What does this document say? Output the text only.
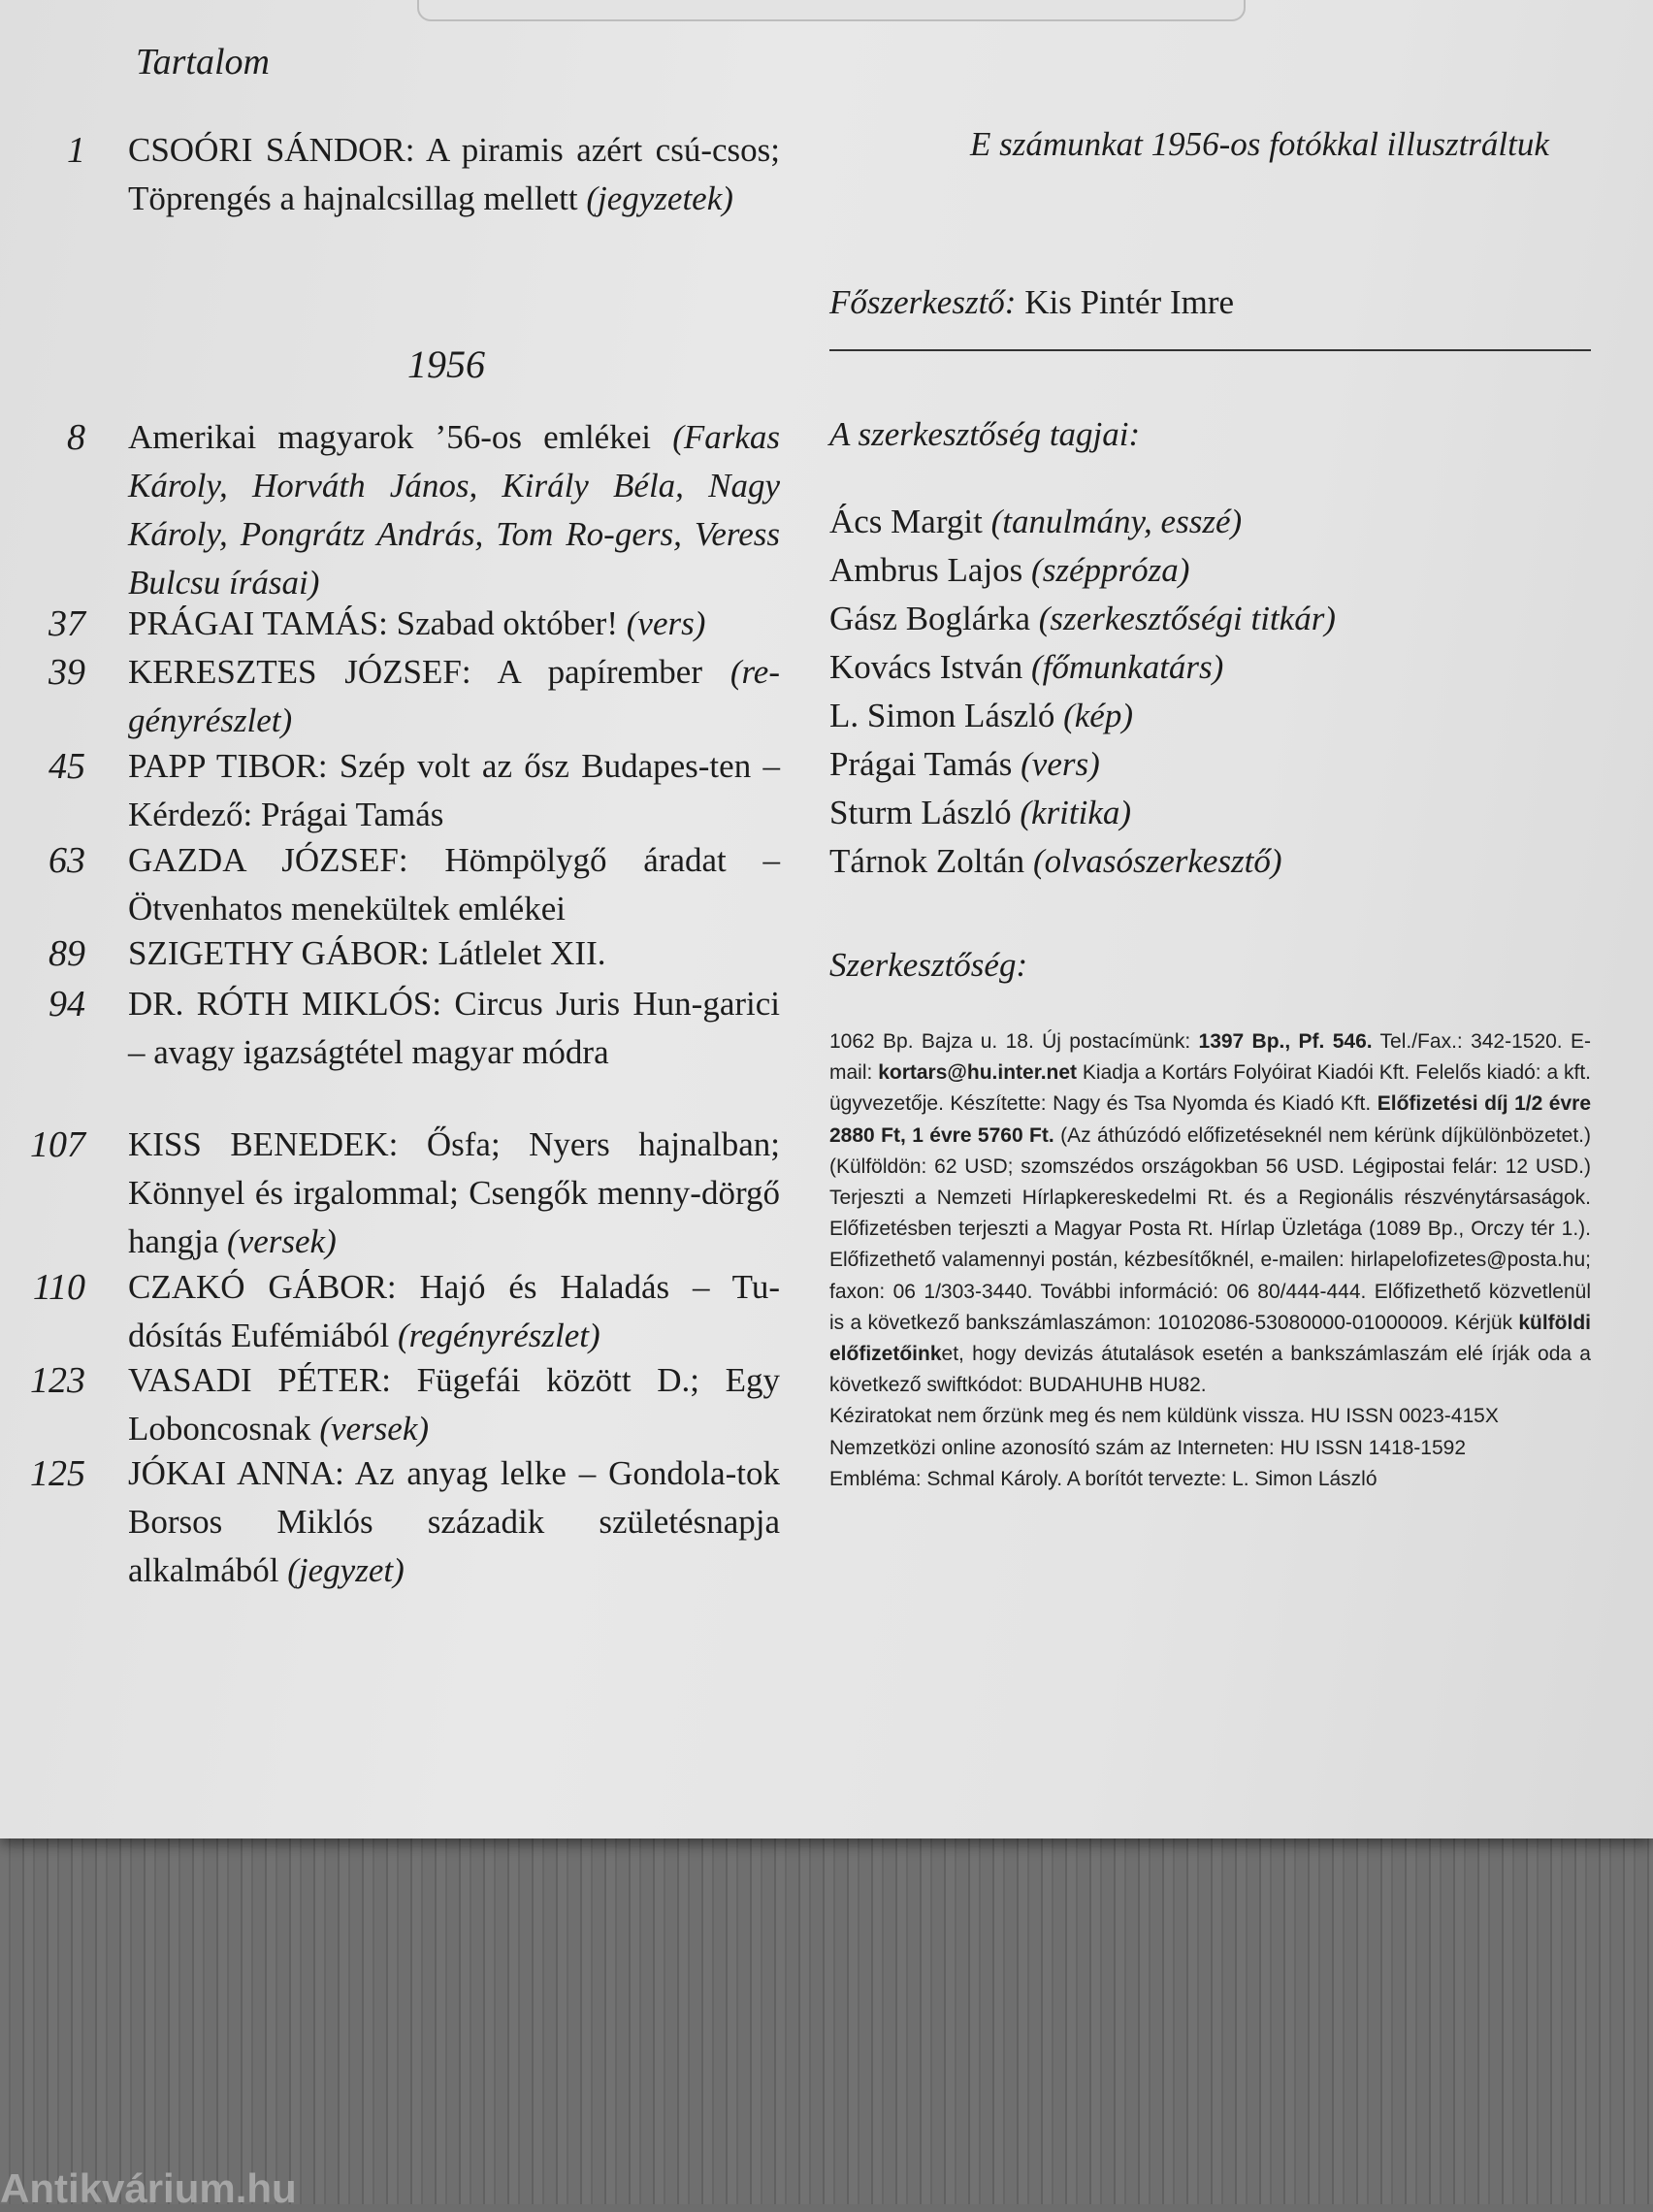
Antikvárium.hu
Tartalom
1 CSOÓRI SÁNDOR: A piramis azért csú-csos; Töprengés a hajnalcsillag mellett (jegyzetek)
1956
8 Amerikai magyarok ’56-os emlékei (Farkas Károly, Horváth János, Király Béla, Nagy Károly, Pongrátz András, Tom Ro-gers, Veress Bulcsu írásai)
37 PRÁGAI TAMÁS: Szabad október! (vers)
39 KERESZTES JÓZSEF: A papírember (re-gényrészlet)
45 PAPP TIBOR: Szép volt az ősz Budapes-ten – Kérdező: Prágai Tamás
63 GAZDA JÓZSEF: Hömpölygő áradat – Ötvenhatos menekültek emlékei
89 SZIGETHY GÁBOR: Látlelet XII.
94 DR. RÓTH MIKLÓS: Circus Juris Hun-garici – avagy igazságtétel magyar módra
107 KISS BENEDEK: Ősfa; Nyers hajnalban; Könnyel és irgalommal; Csengők menny-dörgő hangja (versek)
110 CZAKÓ GÁBOR: Hajó és Haladás – Tu-dósítás Eufémiából (regényrészlet)
123 VASADI PÉTER: Fügefái között D.; Egy Loboncosnak (versek)
125 JÓKAI ANNA: Az anyag lelke – Gondola-tok Borsos Miklós századik születésnapja alkalmából (jegyzet)
E számunkat 1956-os fotókkal illusztráltuk
Főszerkesztő: Kis Pintér Imre
A szerkesztőség tagjai:
Ács Margit (tanulmány, esszé)
Ambrus Lajos (széppróza)
Gász Boglárka (szerkesztőségi titkár)
Kovács István (főmunkatárs)
L. Simon László (kép)
Prágai Tamás (vers)
Sturm László (kritika)
Tárnok Zoltán (olvasószerkesztő)
Szerkesztőség:
1062 Bp. Bajza u. 18. Új postacímünk: 1397 Bp., Pf. 546. Tel./Fax.: 342-1520. E-mail: kortars@hu.inter.net Kiadja a Kortárs Folyóirat Kiadói Kft. Felelős kiadó: a kft. ügyvezetője. Készítette: Nagy és Tsa Nyomda és Kiadó Kft. Előfizetési díj 1/2 évre 2880 Ft, 1 évre 5760 Ft. (Az áthúzódó előfizetéseknél nem kérünk díjkülönbözetet.) (Külföldön: 62 USD; szomszédos országokban 56 USD. Légipostai felár: 12 USD.) Terjeszti a Nemzeti Hírlapkereskedelmi Rt. és a Regionális részvénytársaságok. Előfizetésben terjeszti a Magyar Posta Rt. Hírlap Üzletága (1089 Bp., Orczy tér 1.). Előfizethető valamennyi postán, kézbesítőknél, e-mailen: hirlapelofizetes@posta.hu; faxon: 06 1/303-3440. További információ: 06 80/444-444. Előfizethető közvetlenül is a következő bankszámlaszámon: 10102086-53080000-01000009. Kérjük külföldi előfizetőinket, hogy devizás átutalások esetén a bankszámlaszám elé írják oda a következő swiftkódot: BUDAHUHB HU82.
Kéziratokat nem őrzünk meg és nem küldünk vissza. HU ISSN 0023-415X
Nemzetközi online azonosító szám az Interneten: HU ISSN 1418-1592
Embléma: Schmal Károly. A borítót tervezte: L. Simon László
